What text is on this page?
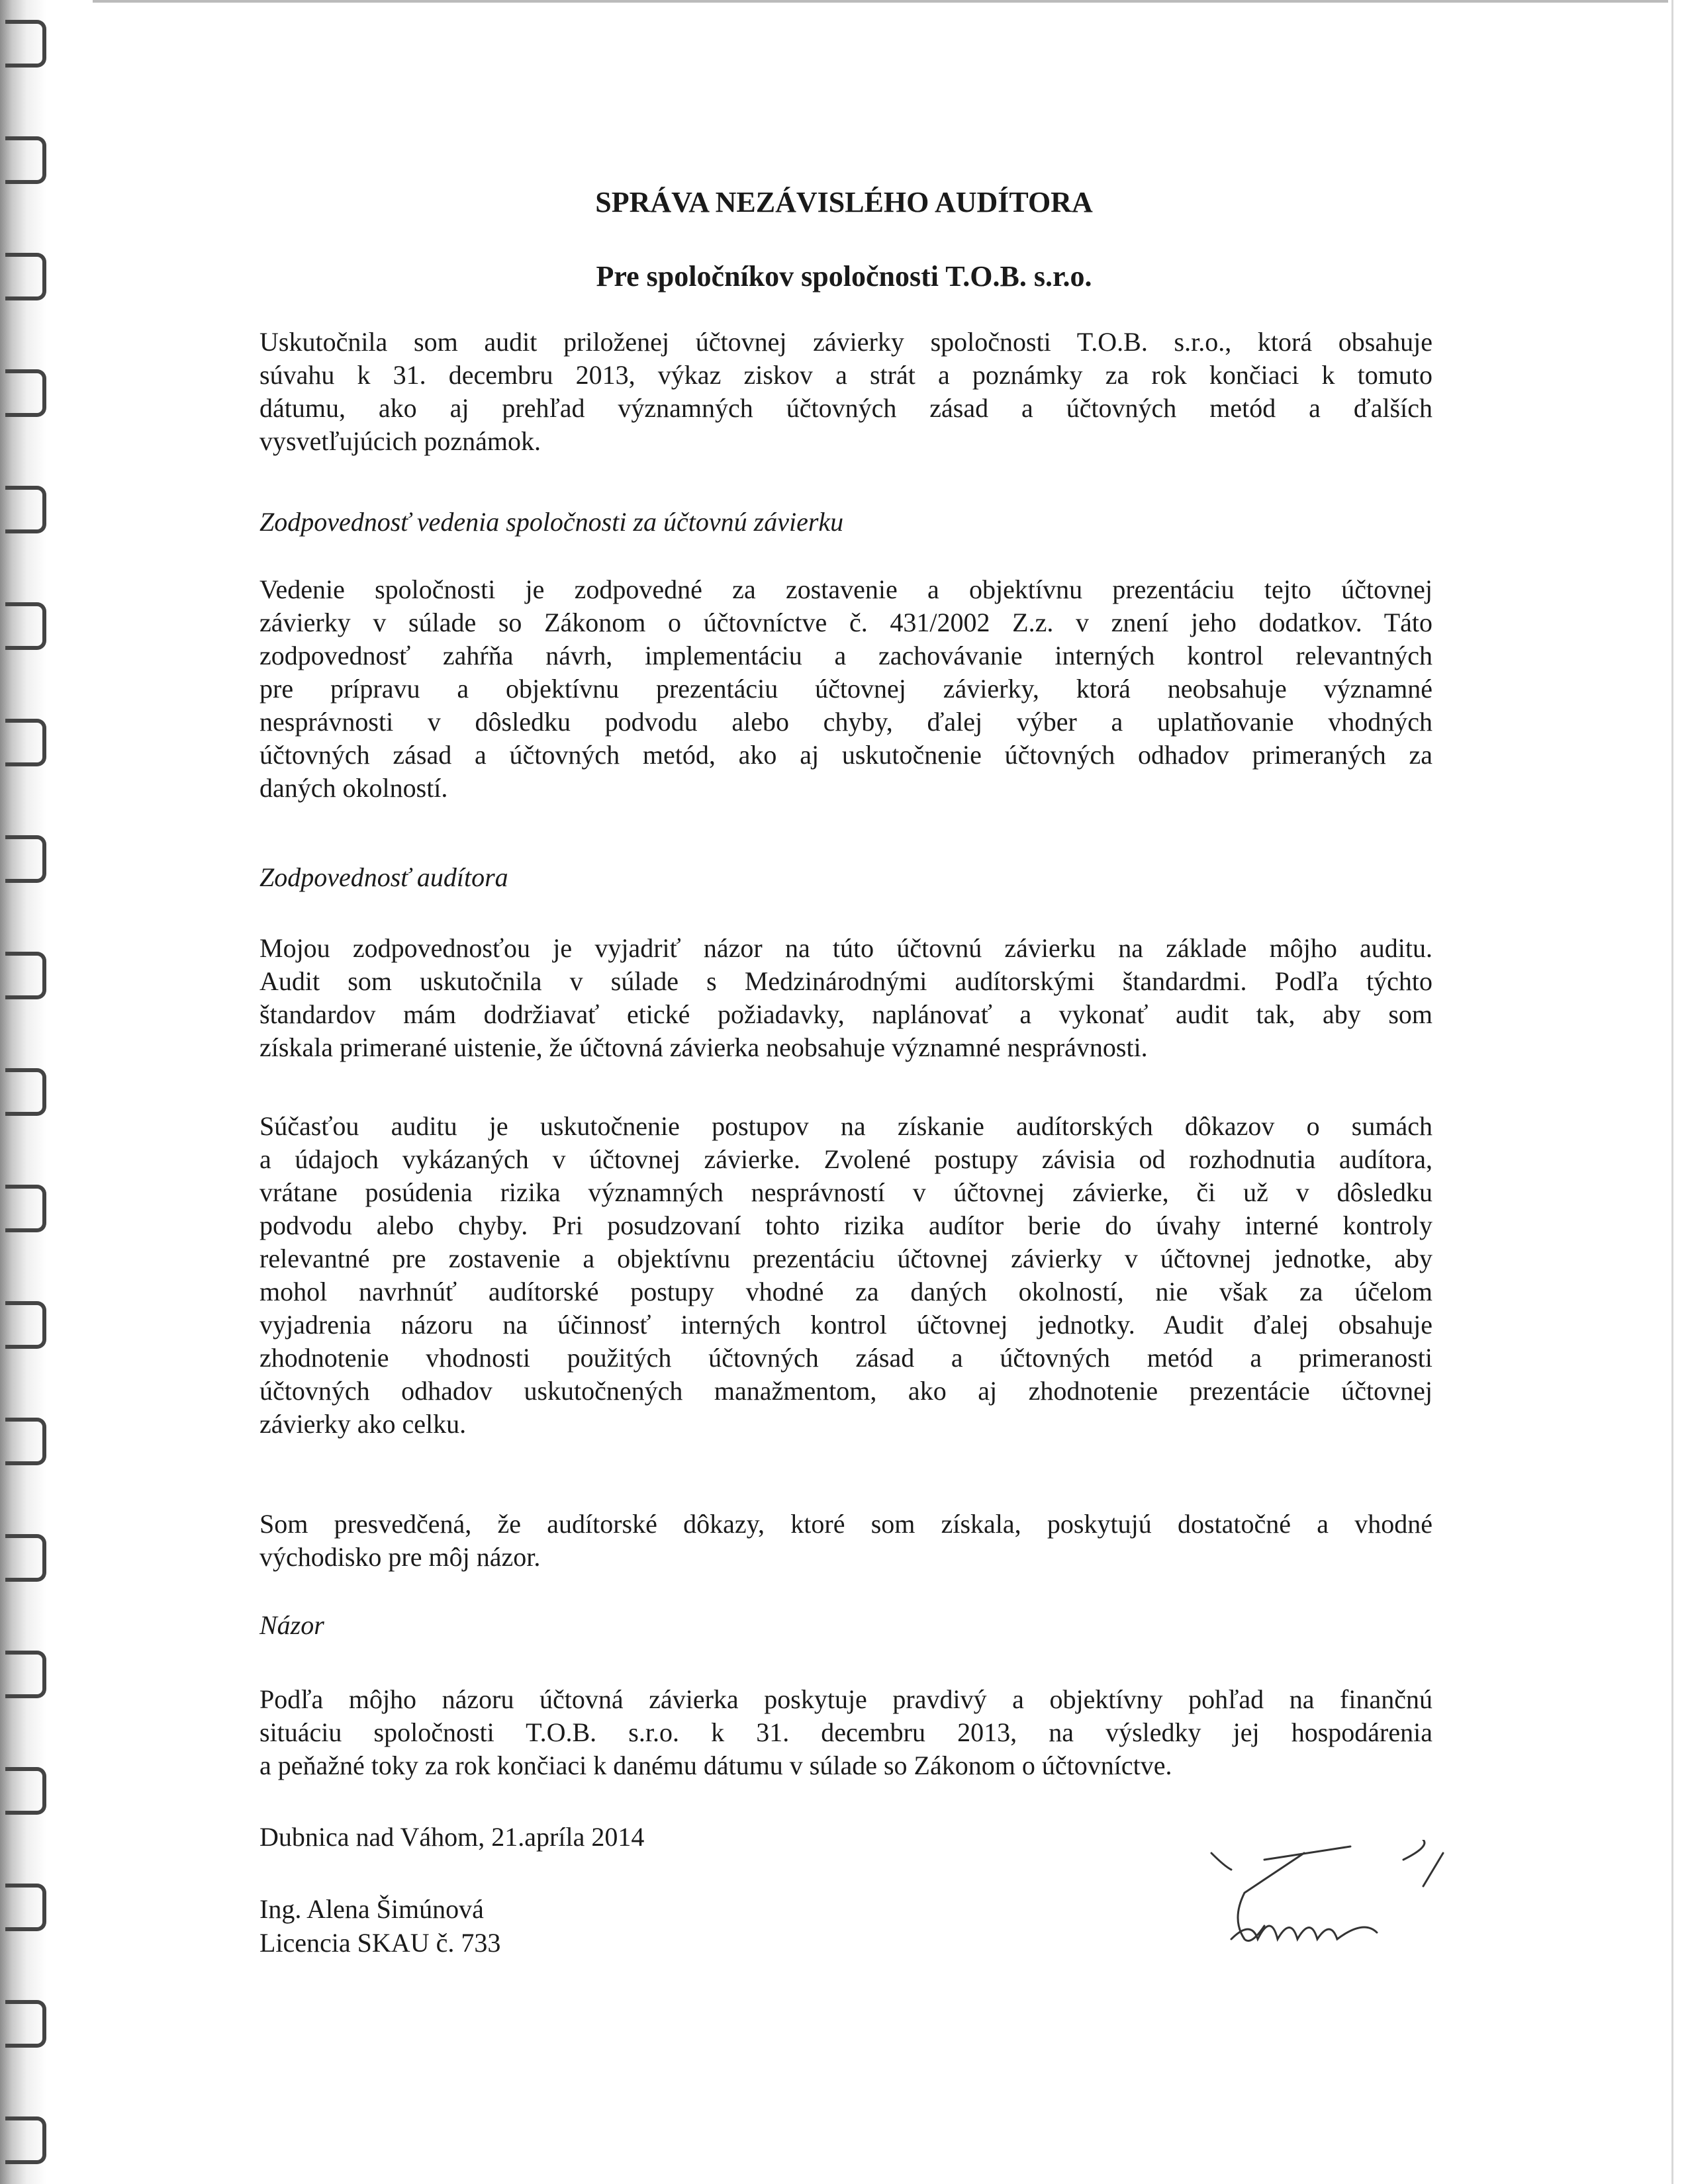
SPRÁVA NEZÁVISLÉHO AUDÍTORA
Pre spoločníkov spoločnosti T.O.B. s.r.o.
Uskutočnila som audit priloženej účtovnej závierky spoločnosti T.O.B. s.r.o., ktorá obsahuje
súvahu k 31. decembru 2013, výkaz ziskov a strát a poznámky za rok končiaci k tomuto
dátumu, ako aj prehľad významných účtovných zásad a účtovných metód a ďalších
vysvetľujúcich poznámok.
Zodpovednosť vedenia spoločnosti za účtovnú závierku
Vedenie spoločnosti je zodpovedné za zostavenie a objektívnu prezentáciu tejto účtovnej
závierky v súlade so Zákonom o účtovníctve č. 431/2002 Z.z. v znení jeho dodatkov. Táto
zodpovednosť zahŕňa návrh, implementáciu a zachovávanie interných kontrol relevantných
pre prípravu a objektívnu prezentáciu účtovnej závierky, ktorá neobsahuje významné
nesprávnosti v dôsledku podvodu alebo chyby, ďalej výber a uplatňovanie vhodných
účtovných zásad a účtovných metód, ako aj uskutočnenie účtovných odhadov primeraných za
daných okolností.
Zodpovednosť audítora
Mojou zodpovednosťou je vyjadriť názor na túto účtovnú závierku na základe môjho auditu.
Audit som uskutočnila v súlade s Medzinárodnými audítorskými štandardmi. Podľa týchto
štandardov mám dodržiavať etické požiadavky, naplánovať a vykonať audit tak, aby som
získala primerané uistenie, že účtovná závierka neobsahuje významné nesprávnosti.
Súčasťou auditu je uskutočnenie postupov na získanie audítorských dôkazov o sumách
a údajoch vykázaných v účtovnej závierke. Zvolené postupy závisia od rozhodnutia audítora,
vrátane posúdenia rizika významných nesprávností v účtovnej závierke, či už v dôsledku
podvodu alebo chyby. Pri posudzovaní tohto rizika audítor berie do úvahy interné kontroly
relevantné pre zostavenie a objektívnu prezentáciu účtovnej závierky v účtovnej jednotke, aby
mohol navrhnúť audítorské postupy vhodné za daných okolností, nie však za účelom
vyjadrenia názoru na účinnosť interných kontrol účtovnej jednotky. Audit ďalej obsahuje
zhodnotenie vhodnosti použitých účtovných zásad a účtovných metód a primeranosti
účtovných odhadov uskutočnených manažmentom, ako aj zhodnotenie prezentácie účtovnej
závierky ako celku.
Som presvedčená, že audítorské dôkazy, ktoré som získala, poskytujú dostatočné a vhodné
východisko pre môj názor.
Názor
Podľa môjho názoru účtovná závierka poskytuje pravdivý a objektívny pohľad na finančnú
situáciu spoločnosti T.O.B. s.r.o. k 31. decembru 2013, na výsledky jej hospodárenia
a peňažné toky za rok končiaci k danému dátumu v súlade so Zákonom o účtovníctve.
Dubnica nad Váhom, 21.apríla 2014
Ing. Alena Šimúnová
Licencia SKAU č. 733
